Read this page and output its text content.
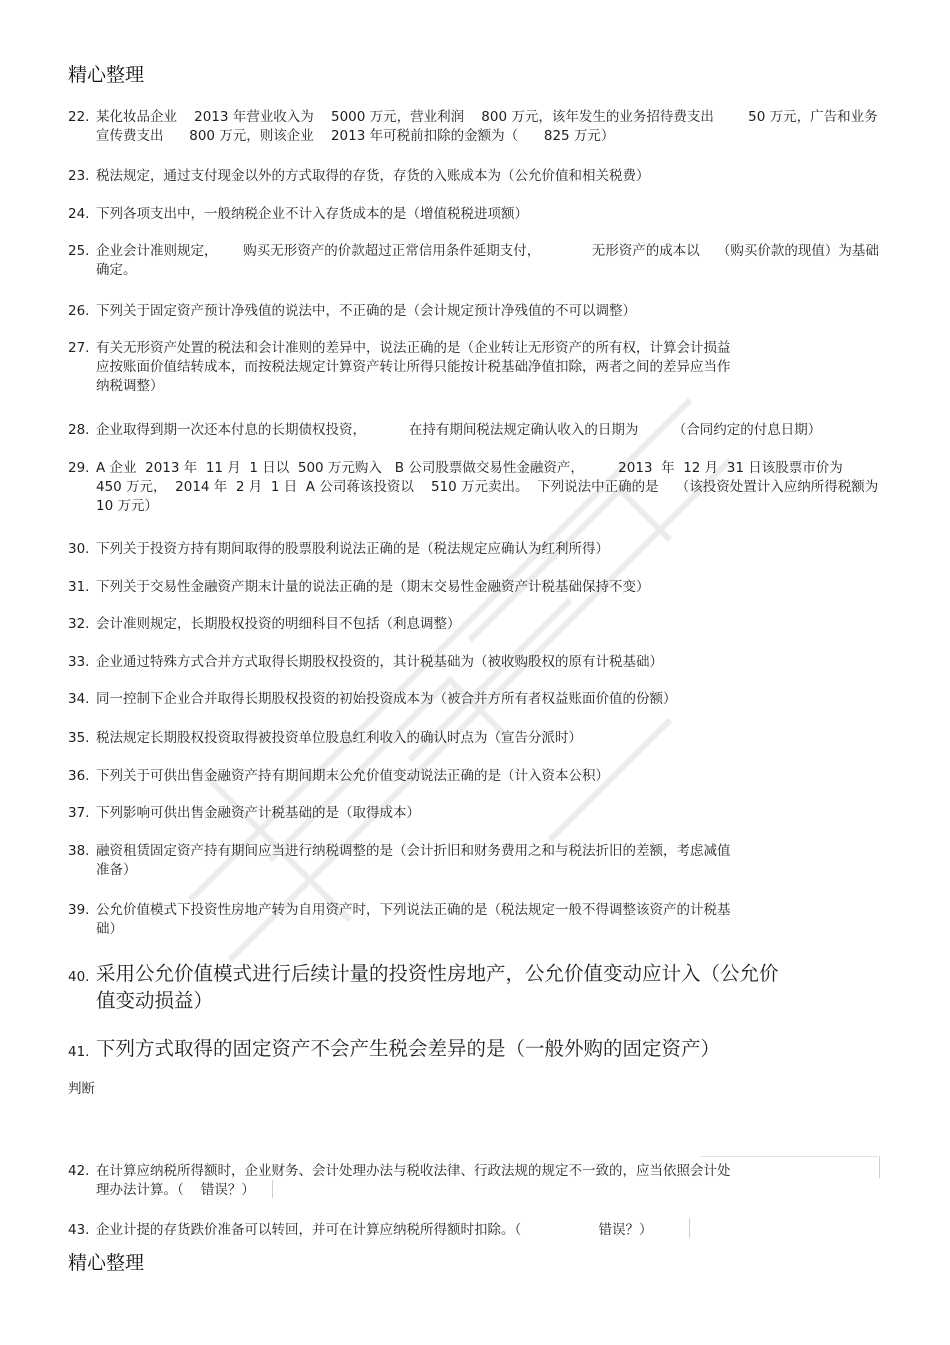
精心整理
22. 某化妆品企业    2013 年营业收入为    5000 万元，营业利润    800 万元，该年发生的业务招待费支出        50 万元，广告和业务宣传费支出      800 万元，则该企业    2013 年可税前扣除的金额为（      825 万元）
23. 税法规定，通过支付现金以外的方式取得的存货，存货的入账成本为（公允价值和相关税费）
24. 下列各项支出中，一般纳税企业不计入存货成本的是（增值税税进项额）
25. 企业会计准则规定，      购买无形资产的价款超过正常信用条件延期支付，            无形资产的成本以    （购买价款的现值）为基础确定。
26. 下列关于固定资产预计净残值的说法中，不正确的是（会计规定预计净残值的不可以调整）
27. 有关无形资产处置的税法和会计准则的差异中，说法正确的是（企业转让无形资产的所有权，计算会计损益
应按账面价值结转成本，而按税法规定计算资产转让所得只能按计税基础净值扣除，两者之间的差异应当作
纳税调整）
28. 企业取得到期一次还本付息的长期债权投资，          在持有期间税法规定确认收入的日期为        （合同约定的付息日期）
29. A 企业  2013 年  11 月  1 日以  500 万元购入   B 公司股票做交易性金融资产，        2013  年  12 月  31 日该股票市价为   450 万元，  2014 年  2 月  1 日  A 公司蒋该投资以    510 万元卖出。  下列说法中正确的是    （该投资处置计入应纳所得税额为    10 万元）
30. 下列关于投资方持有期间取得的股票股利说法正确的是（税法规定应确认为红利所得）
31. 下列关于交易性金融资产期末计量的说法正确的是（期末交易性金融资产计税基础保持不变）
32. 会计准则规定，长期股权投资的明细科目不包括（利息调整）
33. 企业通过特殊方式合并方式取得长期股权投资的，其计税基础为（被收购股权的原有计税基础）
34. 同一控制下企业合并取得长期股权投资的初始投资成本为（被合并方所有者权益账面价值的份额）
35. 税法规定长期股权投资取得被投资单位股息红利收入的确认时点为（宣告分派时）
36. 下列关于可供出售金融资产持有期间期末公允价值变动说法正确的是（计入资本公积）
37. 下列影响可供出售金融资产计税基础的是（取得成本）
38. 融资租赁固定资产持有期间应当进行纳税调整的是（会计折旧和财务费用之和与税法折旧的差额，考虑减值
准备）
39. 公允价值模式下投资性房地产转为自用资产时，下列说法正确的是（税法规定一般不得调整该资产的计税基
础）
40. 采用公允价值模式进行后续计量的投资性房地产，公允价值变动应计入（公允价
值变动损益）
41. 下列方式取得的固定资产不会产生税会差异的是（一般外购的固定资产）
判断
42. 在计算应纳税所得额时，企业财务、会计处理办法与税收法律、行政法规的规定不一致的，应当依照会计处
理办法计算。（    错误？）
43. 企业计提的存货跌价准备可以转回，并可在计算应纳税所得额时扣除。（                  错误？）
精心整理
